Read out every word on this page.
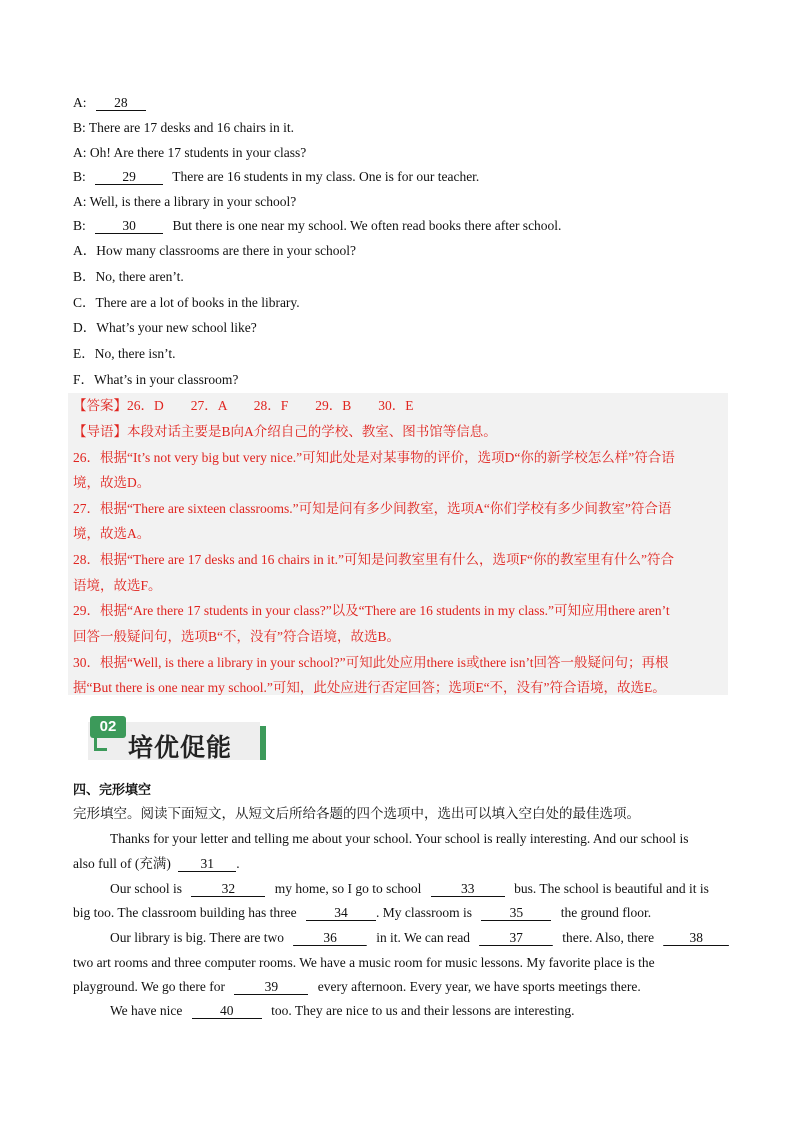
A: 28
B: There are 17 desks and 16 chairs in it.
A: Oh! Are there 17 students in your class?
B:	29	There are 16 students in my class. One is for our teacher.
A: Well, is there a library in your school?
B:	30	But there is one near my school. We often read books there after school.
A．How many classrooms are there in your school?
B．No, there aren’t.
C．There are a lot of books in the library.
D．What’s your new school like?
E．No, there isn’t.
F．What’s in your classroom?
【答案】26．D　　27．A　　28．F　　29．B　　30．E
【导语】本段对话主要是B向A介绍自己的学校、教室、图书馆等信息。
26．根据“It’s not very big but very nice.”可知此处是对某事物的评价，选项D“你的新学校怎么样”符合语
境，故选D。
27．根据“There are sixteen classrooms.”可知是问有多少间教室，选项A“你们学校有多少间教室”符合语
境，故选A。
28．根据“There are 17 desks and 16 chairs in it.”可知是问教室里有什么，选项F“你的教室里有什么”符合
语境，故选F。
29．根据“Are there 17 students in your class?”以及“There are 16 students in my class.”可知应用there aren’t
回答一般疑问句，选项B“不，没有”符合语境，故选B。
30．根据“Well, is there a library in your school?”可知此处应用there is或there isn’t回答一般疑问句；再根
据“But there is one near my school.”可知，此处应进行否定回答；选项E“不，没有”符合语境，故选E。
02
培优促能
四、完形填空
完形填空。阅读下面短文，从短文后所给各题的四个选项中，选出可以填入空白处的最佳选项。
Thanks for your letter and telling me about your school. Your school is really interesting. And our school is
also full of (充满) 31 .
Our school is	32	my home, so I go to school	33	bus. The school is beautiful and it is
big too. The classroom building has three	34 . My classroom is	35	the ground floor.
Our library is big. There are two	36	in it. We can read	37	there. Also, there	38
two art rooms and three computer rooms. We have a music room for music lessons. My favorite place is the
playground. We go there for	39	every afternoon. Every year, we have sports meetings there.
We have nice	40	too. They are nice to us and their lessons are interesting.
